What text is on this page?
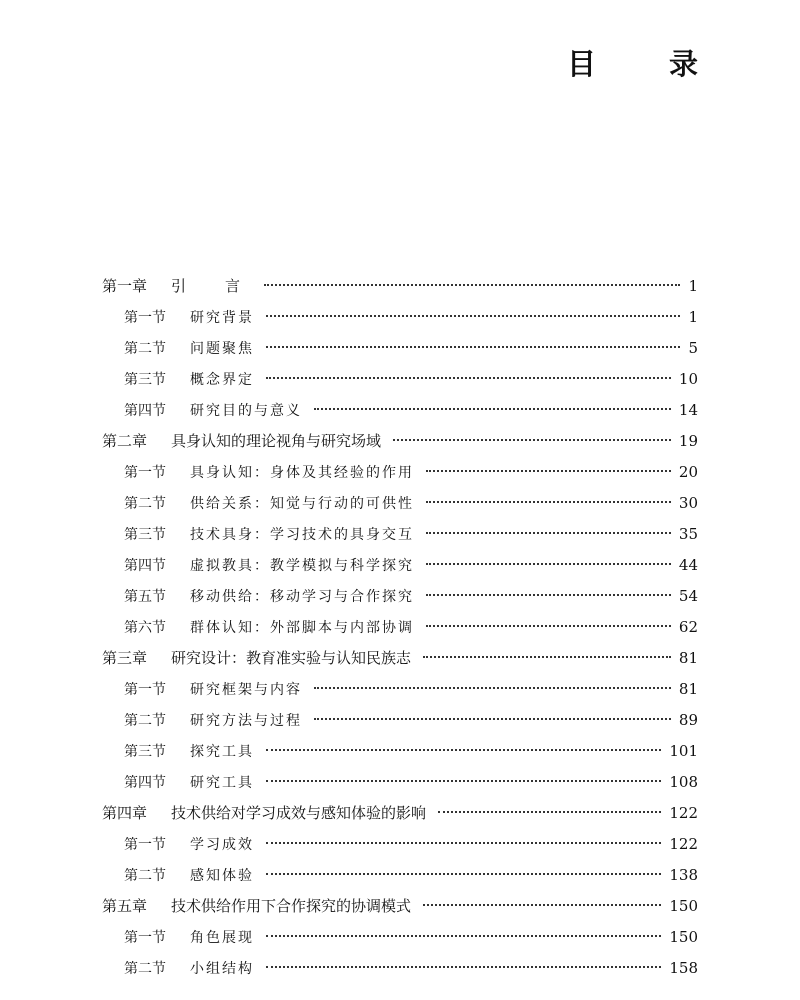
目　录
第一章 引　言	1
第一节 研究背景	1
第二节 问题聚焦	5
第三节 概念界定	10
第四节 研究目的与意义	14
第二章 具身认知的理论视角与研究场域	19
第一节 具身认知：身体及其经验的作用	20
第二节 供给关系：知觉与行动的可供性	30
第三节 技术具身：学习技术的具身交互	35
第四节 虚拟教具：教学模拟与科学探究	44
第五节 移动供给：移动学习与合作探究	54
第六节 群体认知：外部脚本与内部协调	62
第三章 研究设计：教育准实验与认知民族志	81
第一节 研究框架与内容	81
第二节 研究方法与过程	89
第三节 探究工具	101
第四节 研究工具	108
第四章 技术供给对学习成效与感知体验的影响	122
第一节 学习成效	122
第二节 感知体验	138
第五章 技术供给作用下合作探究的协调模式	150
第一节 角色展现	150
第二节 小组结构	158
